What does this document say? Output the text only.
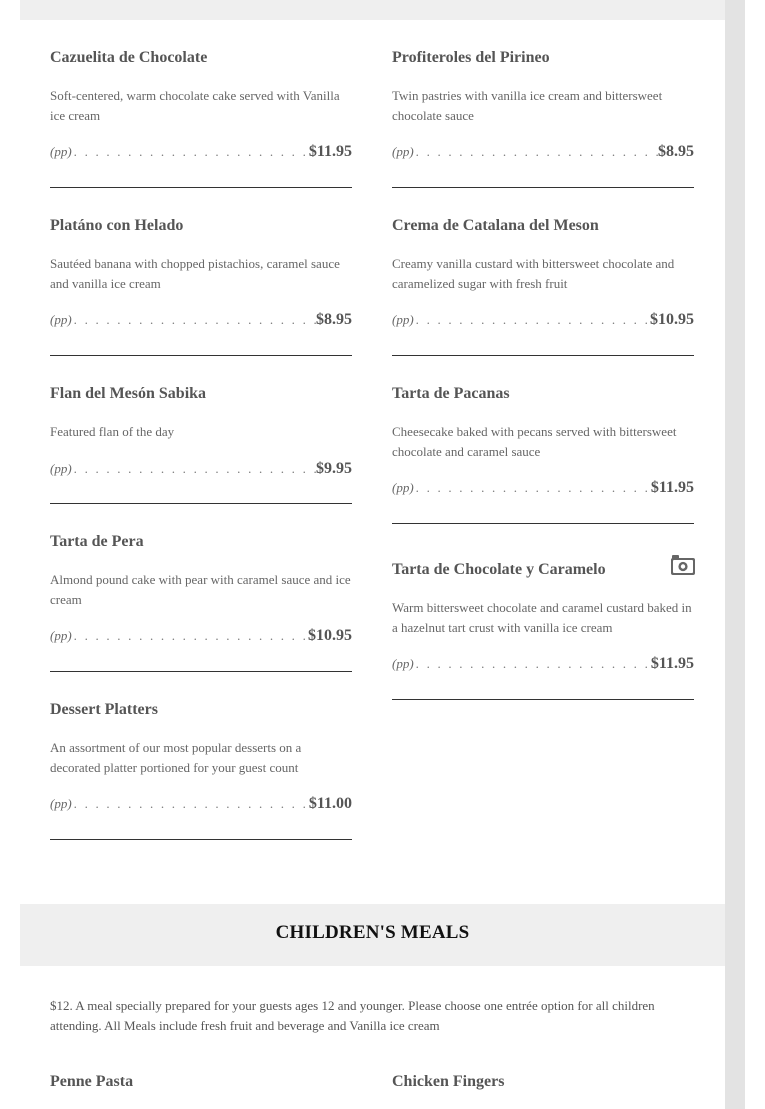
Cazuelita de Chocolate
Soft-centered, warm chocolate cake served with Vanilla ice cream
(pp) . . .	$11.95
Platáno con Helado
Sautéed banana with chopped pistachios, caramel sauce and vanilla ice cream
(pp) . . .	$8.95
Flan del Mesón Sabika
Featured flan of the day
(pp) . . .	$9.95
Tarta de Pera
Almond pound cake with pear with caramel sauce and ice cream
(pp) . . .	$10.95
Dessert Platters
An assortment of our most popular desserts on a decorated platter portioned for your guest count
(pp) . . .	$11.00
Profiteroles del Pirineo
Twin pastries with vanilla ice cream and bittersweet chocolate sauce
(pp) . . .	$8.95
Crema de Catalana del Meson
Creamy vanilla custard with bittersweet chocolate and caramelized sugar with fresh fruit
(pp) . . .	$10.95
Tarta de Pacanas
Cheesecake baked with pecans served with bittersweet chocolate and caramel sauce
(pp) . . .	$11.95
Tarta de Chocolate y Caramelo
Warm bittersweet chocolate and caramel custard baked in a hazelnut tart crust with vanilla ice cream
(pp) . . .	$11.95
CHILDREN'S MEALS
$12. A meal specially prepared for your guests ages 12 and younger. Please choose one entrée option for all children attending. All Meals include fresh fruit and beverage and Vanilla ice cream
Penne Pasta	Chicken Fingers
